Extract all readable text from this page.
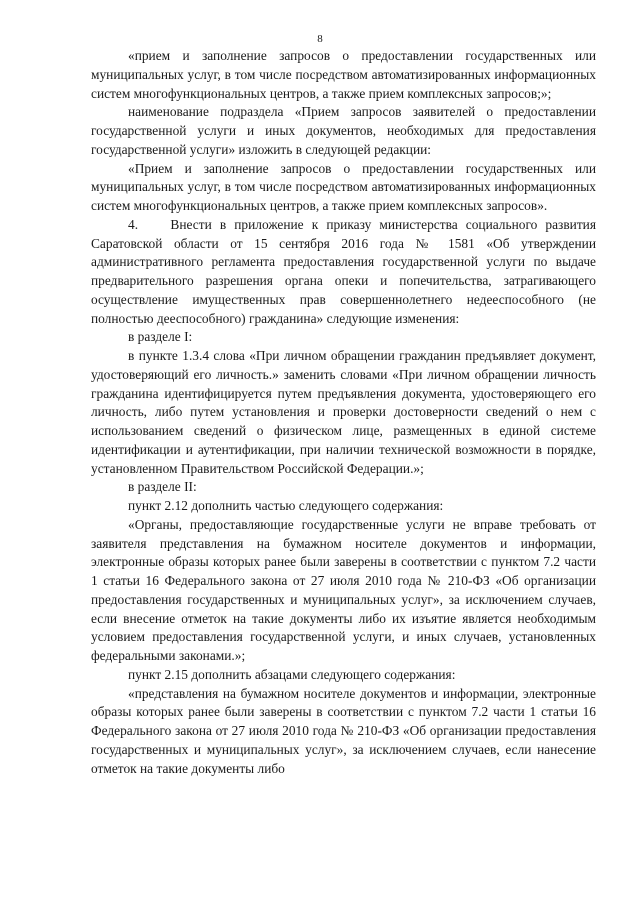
8

«прием и заполнение запросов о предоставлении государственных или муниципальных услуг, в том числе посредством автоматизированных информационных систем многофункциональных центров, а также прием комплексных запросов;»;

наименование подраздела «Прием запросов заявителей о предоставлении государственной услуги и иных документов, необходимых для предоставления государственной услуги» изложить в следующей редакции:

«Прием и заполнение запросов о предоставлении государственных или муниципальных услуг, в том числе посредством автоматизированных информационных систем многофункциональных центров, а также прием комплексных запросов».

4.    Внести в приложение к приказу министерства социального развития Саратовской области от 15 сентября 2016 года № 1581 «Об утверждении административного регламента предоставления государственной услуги по выдаче предварительного разрешения органа опеки и попечительства, затрагивающего осуществление имущественных прав совершеннолетнего недееспособного (не полностью дееспособного) гражданина» следующие изменения:

в разделе I:

в пункте 1.3.4 слова «При личном обращении гражданин предъявляет документ, удостоверяющий его личность.» заменить словами «При личном обращении личность гражданина идентифицируется путем предъявления документа, удостоверяющего его личность, либо путем установления и проверки достоверности сведений о нем с использованием сведений о физическом лице, размещенных в единой системе идентификации и аутентификации, при наличии технической возможности в порядке, установленном Правительством Российской Федерации.»;

в разделе II:

пункт 2.12 дополнить частью следующего содержания:

«Органы, предоставляющие государственные услуги не вправе требовать от заявителя представления на бумажном носителе документов и информации, электронные образы которых ранее были заверены в соответствии с пунктом 7.2 части 1 статьи 16 Федерального закона от 27 июля 2010 года № 210-ФЗ «Об организации предоставления государственных и муниципальных услуг», за исключением случаев, если внесение отметок на такие документы либо их изъятие является необходимым условием предоставления государственной услуги, и иных случаев, установленных федеральными законами.»;

пункт 2.15 дополнить абзацами следующего содержания:

«представления на бумажном носителе документов и информации, электронные образы которых ранее были заверены в соответствии с пунктом 7.2 части 1 статьи 16 Федерального закона от 27 июля 2010 года № 210-ФЗ «Об организации предоставления государственных и муниципальных услуг», за исключением случаев, если нанесение отметок на такие документы либо
